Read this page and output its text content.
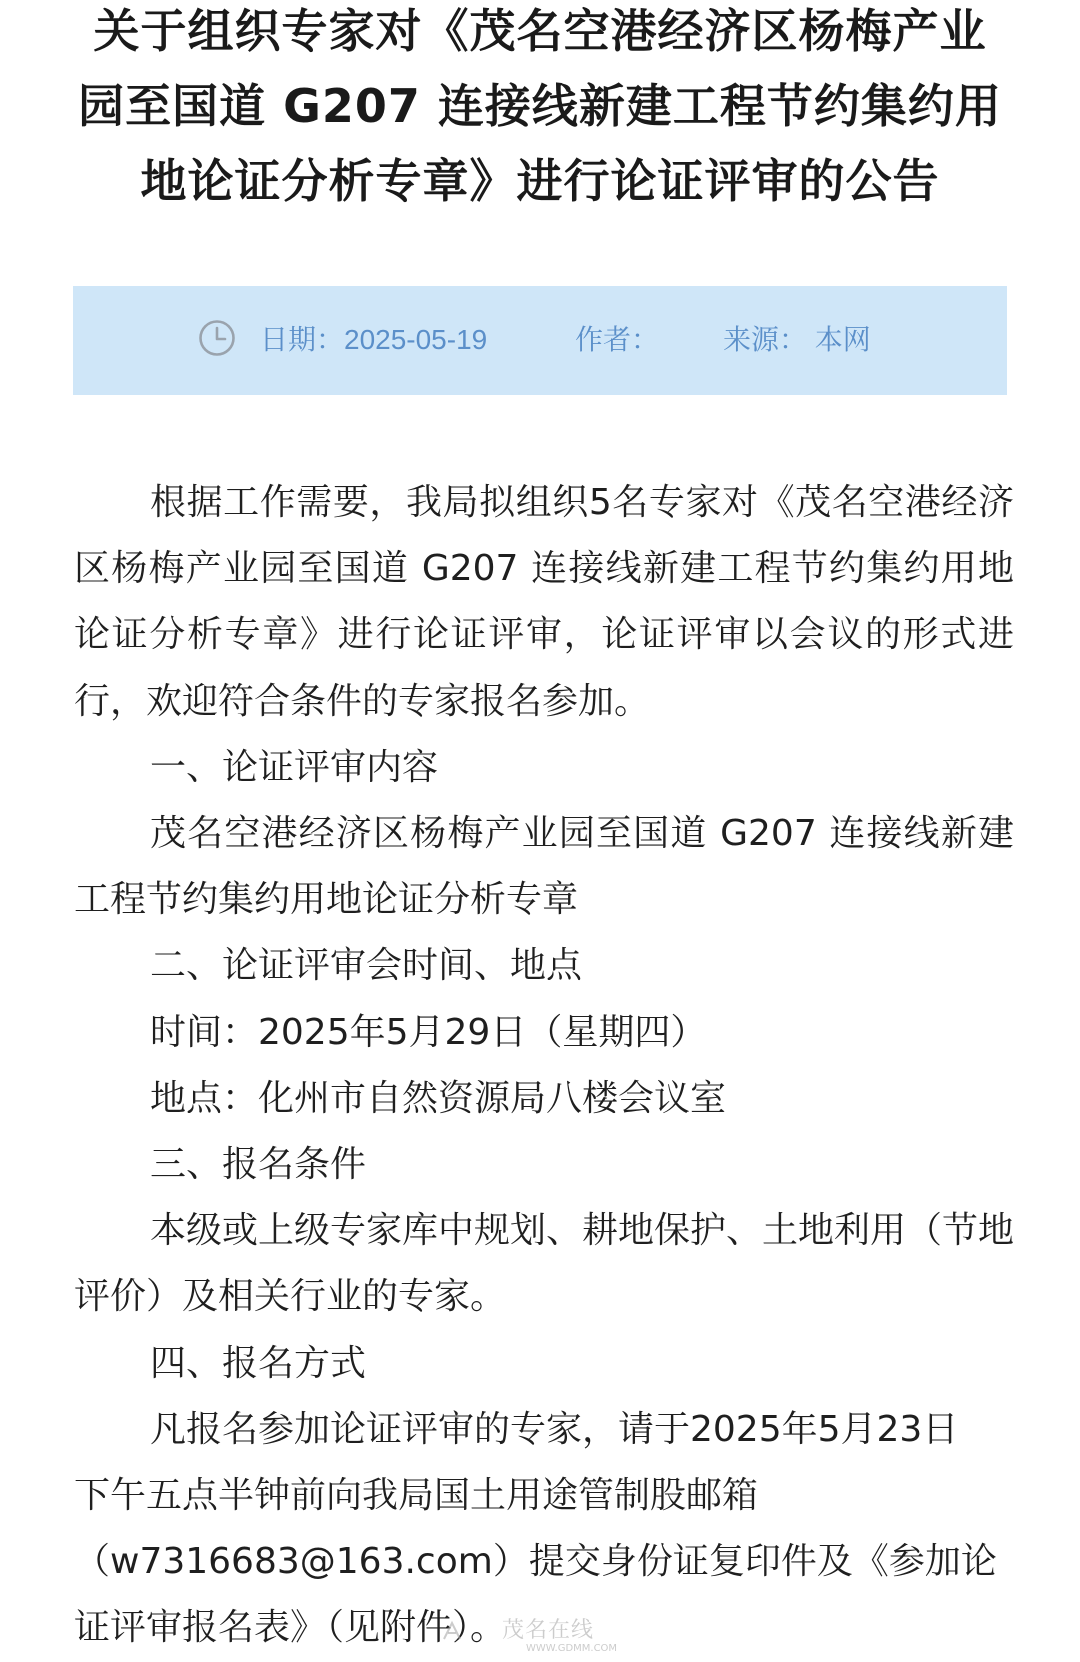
关于组织专家对《茂名空港经济区杨梅产业
园至国道 G207 连接线新建工程节约集约用
地论证分析专章》进行论证评审的公告
日期：2025-05-19	作者： 来源： 本网

根据工作需要，我局拟组织5名专家对《茂名空港经济区杨梅产业园至国道 G207 连接线新建工程节约集约用地论证分析专章》进行论证评审，论证评审以会议的形式进行，欢迎符合条件的专家报名参加。

一、论证评审内容

茂名空港经济区杨梅产业园至国道 G207 连接线新建工程节约集约用地论证分析专章

二、论证评审会时间、地点

时间：2025年5月29日（星期四）

地点：化州市自然资源局八楼会议室

三、报名条件

本级或上级专家库中规划、耕地保护、土地利用（节地评价）及相关行业的专家。

四、报名方式

凡报名参加论证评审的专家，请于2025年5月23日

下午五点半钟前向我局国土用途管制股邮箱

（w7316683@163.com）提交身份证复印件及《参加论

证评审报名表》（见附件）。

茂名在线
WWW.GDMM.COM
